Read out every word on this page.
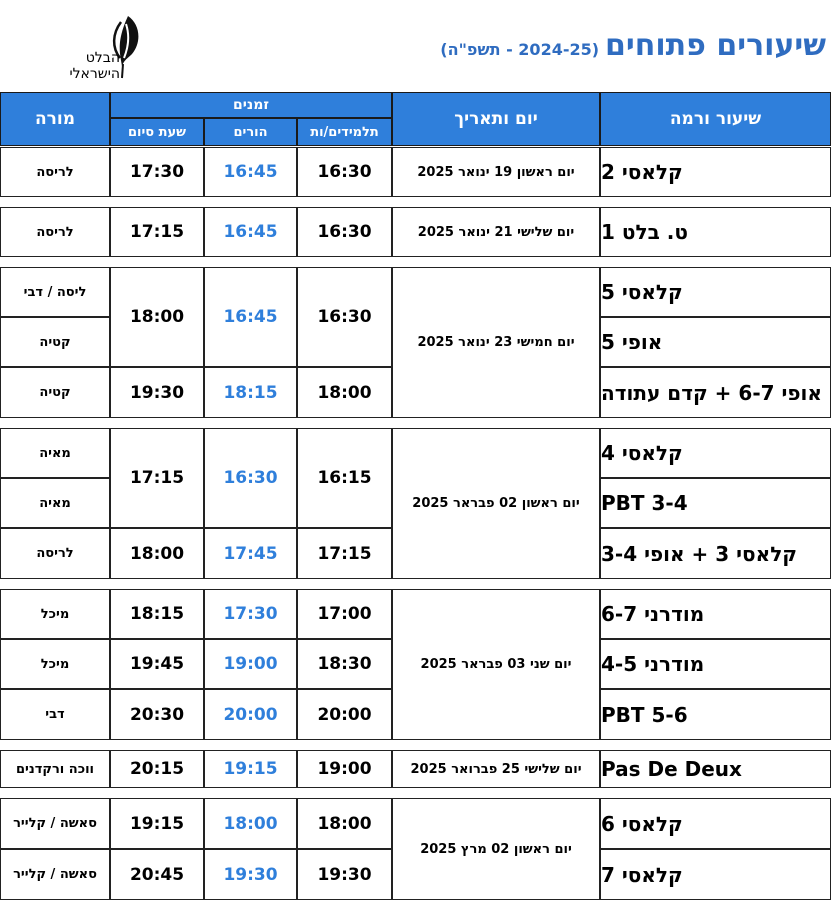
שיעורים פתוחים(2024-25 - תשפ"ה)
הבלט
הישראלי
שיעור ורמה
יום ותאריך
זמנים
תלמידים/ות
הורים
שעת סיום
מורה
קלאסי 2
יום ראשון 19 ינואר 2025
16:30
16:45
17:30
לריסה
ט. בלט 1
יום שלישי 21 ינואר 2025
16:30
16:45
17:15
לריסה
קלאסי 5
אופי 5
אופי 6-7 + קדם עתודה
יום חמישי 23 ינואר 2025
16:30
16:45
18:00
ליסה / דבי
קטיה
18:00
18:15
19:30
קטיה
קלאסי 4
PBT 3-4
קלאסי 3 + אופי 3-4
יום ראשון 02 פבראר 2025
16:15
16:30
17:15
מאיה
מאיה
17:15
17:45
18:00
לריסה
מודרני 6-7
מודרני 4-5
PBT 5-6
יום שני 03 פבראר 2025
17:00
17:30
18:15
מיכל
18:30
19:00
19:45
מיכל
20:00
20:00
20:30
דבי
Pas De Deux
יום שלישי 25 פברואר 2025
19:00
19:15
20:15
ווכה ורקדנים
קלאסי 6
קלאסי 7
יום ראשון 02 מרץ 2025
18:00
18:00
19:15
סאשה / קלייר
19:30
19:30
20:45
סאשה / קלייר
